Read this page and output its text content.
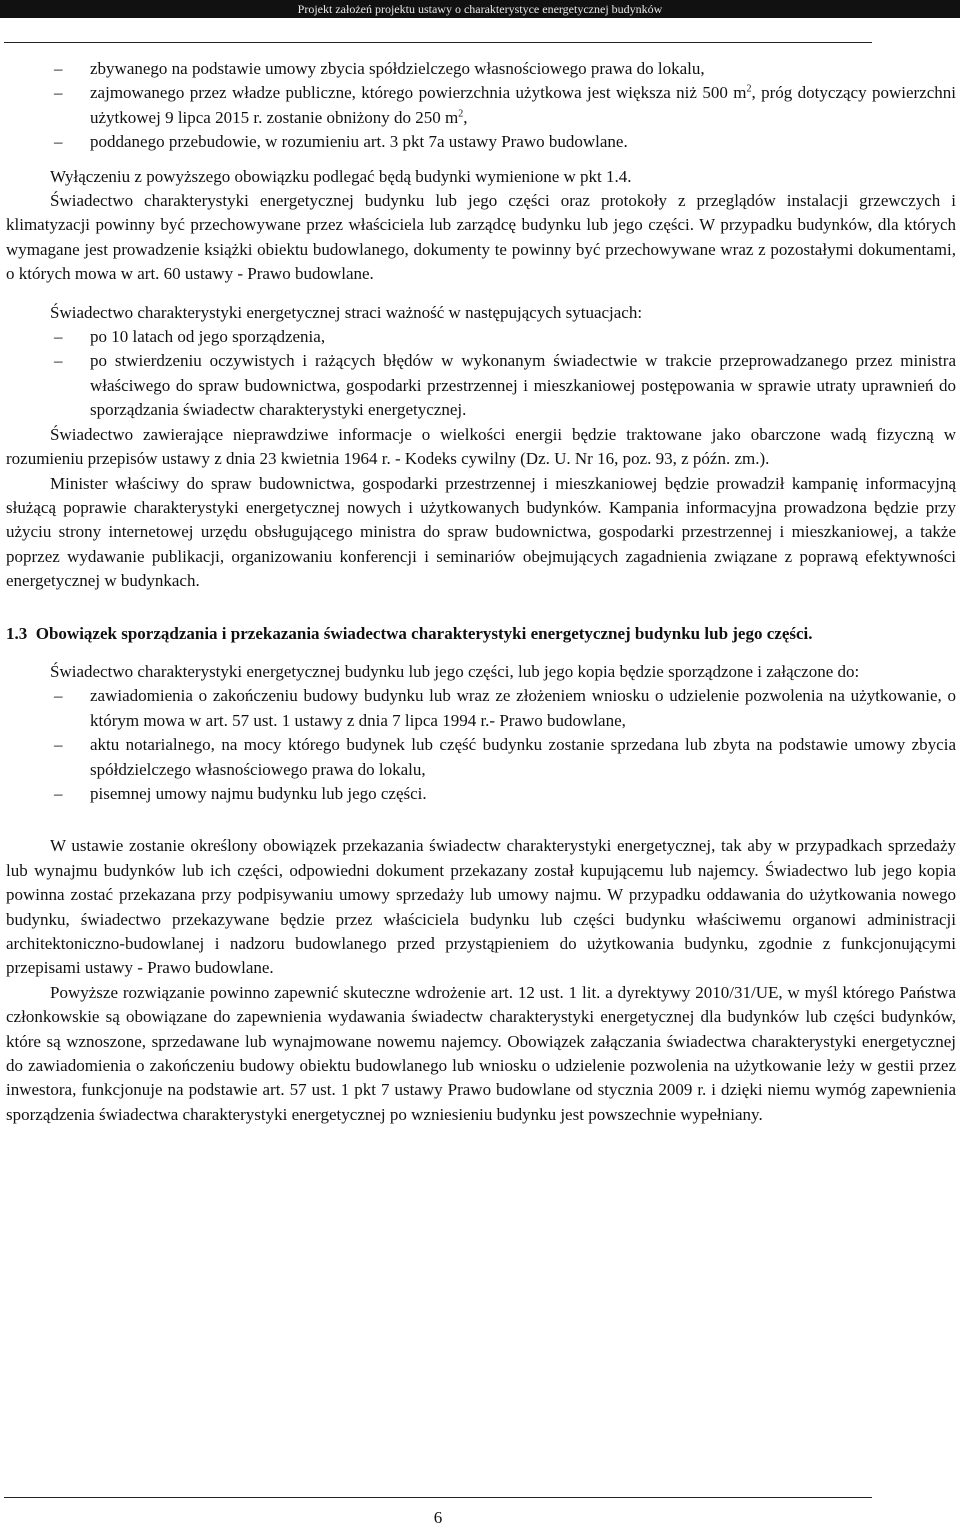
Projekt założeń projektu ustawy o charakterystyce energetycznej budynków
– zbywanego na podstawie umowy zbycia spółdzielczego własnościowego prawa do lokalu,
– zajmowanego przez władze publiczne, którego powierzchnia użytkowa jest większa niż 500 $m^2$, próg dotyczący powierzchni użytkowej 9 lipca 2015 r. zostanie obniżony do 250 $m^2$,
– poddanego przebudowie, w rozumieniu art. 3 pkt 7a ustawy Prawo budowlane.

Wyłączeniu z powyższego obowiązku podlegać będą budynki wymienione w pkt 1.4.

Świadectwo charakterystyki energetycznej budynku lub jego części oraz protokoły z przeglądów instalacji grzewczych i klimatyzacji powinny być przechowywane przez właściciela lub zarządcę budynku lub jego części. W przypadku budynków, dla których wymagane jest prowadzenie książki obiektu budowlanego, dokumenty te powinny być przechowywane wraz z pozostałymi dokumentami, o których mowa w art. 60 ustawy - Prawo budowlane.

Świadectwo charakterystyki energetycznej straci ważność w następujących sytuacjach:

– po 10 latach od jego sporządzenia,
– po stwierdzeniu oczywistych i rażących błędów w wykonanym świadectwie w trakcie przeprowadzanego przez ministra właściwego do spraw budownictwa, gospodarki przestrzennej i mieszkaniowej postępowania w sprawie utraty uprawnień do sporządzania świadectw charakterystyki energetycznej.

Świadectwo zawierające nieprawdziwe informacje o wielkości energii będzie traktowane jako obarczone wadą fizyczną w rozumieniu przepisów ustawy z dnia 23 kwietnia 1964 r. - Kodeks cywilny (Dz. U. Nr 16, poz. 93, z późn. zm.).

Minister właściwy do spraw budownictwa, gospodarki przestrzennej i mieszkaniowej będzie prowadził kampanię informacyjną służącą poprawie charakterystyki energetycznej nowych i użytkowanych budynków. Kampania informacyjna prowadzona będzie przy użyciu strony internetowej urzędu obsługującego ministra do spraw budownictwa, gospodarki przestrzennej i mieszkaniowej, a także poprzez wydawanie publikacji, organizowaniu konferencji i seminariów obejmujących zagadnienia związane z poprawą efektywności energetycznej w budynkach.

1.3 Obowiązek sporządzania i przekazania świadectwa charakterystyki energetycznej budynku lub jego części.

Świadectwo charakterystyki energetycznej budynku lub jego części, lub jego kopia będzie sporządzone i załączone do:

– zawiadomienia o zakończeniu budowy budynku lub wraz ze złożeniem wniosku o udzielenie pozwolenia na użytkowanie, o którym mowa w art. 57 ust. 1 ustawy z dnia 7 lipca 1994 r.- Prawo budowlane,
– aktu notarialnego, na mocy którego budynek lub część budynku zostanie sprzedana lub zbyta na podstawie umowy zbycia spółdzielczego własnościowego prawa do lokalu,
– pisemnej umowy najmu budynku lub jego części.

W ustawie zostanie określony obowiązek przekazania świadectw charakterystyki energetycznej, tak aby w przypadkach sprzedaży lub wynajmu budynków lub ich części, odpowiedni dokument przekazany został kupującemu lub najemcy. Świadectwo lub jego kopia powinna zostać przekazana przy podpisywaniu umowy sprzedaży lub umowy najmu. W przypadku oddawania do użytkowania nowego budynku, świadectwo przekazywane będzie przez właściciela budynku lub części budynku właściwemu organowi administracji architektoniczno-budowlanej i nadzoru budowlanego przed przystąpieniem do użytkowania budynku, zgodnie z funkcjonującymi przepisami ustawy - Prawo budowlane.

Powyższe rozwiązanie powinno zapewnić skuteczne wdrożenie art. 12 ust. 1 lit. a dyrektywy 2010/31/UE, w myśl którego Państwa członkowskie są obowiązane do zapewnienia wydawania świadectw charakterystyki energetycznej dla budynków lub części budynków, które są wznoszone, sprzedawane lub wynajmowane nowemu najemcy. Obowiązek załączania świadectwa charakterystyki energetycznej do zawiadomienia o zakończeniu budowy obiektu budowlanego lub wniosku o udzielenie pozwolenia na użytkowanie leży w gestii przez inwestora, funkcjonuje na podstawie art. 57 ust. 1 pkt 7 ustawy Prawo budowlane od stycznia 2009 r. i dzięki niemu wymóg zapewnienia sporządzenia świadectwa charakterystyki energetycznej po wzniesieniu budynku jest powszechnie wypełniany.

6
